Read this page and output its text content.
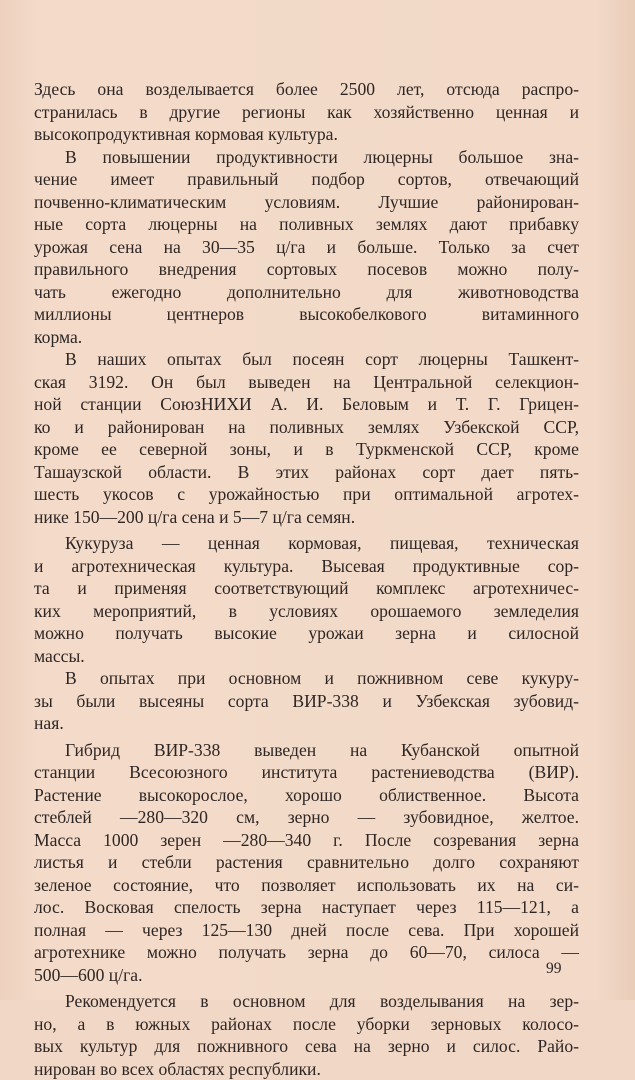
Здесь она возделывается более 2500 лет, отсюда распро-
странилась в другие регионы как хозяйственно ценная и
высокопродуктивная кормовая культура.
В повышении продуктивности люцерны большое зна-
чение имеет правильный подбор сортов, отвечающий
почвенно-климатическим условиям. Лучшие районирован-
ные сорта люцерны на поливных землях дают прибавку
урожая сена на 30—35 ц/га и больше. Только за счет
правильного внедрения сортовых посевов можно полу-
чать ежегодно дополнительно для животноводства
миллионы центнеров высокобелкового витаминного
корма.
В наших опытах был посеян сорт люцерны Ташкент-
ская 3192. Он был выведен на Центральной селекцион-
ной станции СоюзНИХИ А. И. Беловым и Т. Г. Грицен-
ко и районирован на поливных землях Узбекской ССР,
кроме ее северной зоны, и в Туркменской ССР, кроме
Ташаузской области. В этих районах сорт дает пять-
шесть укосов с урожайностью при оптимальной агротех-
нике 150—200 ц/га сена и 5—7 ц/га семян.
Кукуруза — ценная кормовая, пищевая, техническая
и агротехническая культура. Высевая продуктивные сор-
та и применяя соответствующий комплекс агротехничес-
ких мероприятий, в условиях орошаемого земледелия
можно получать высокие урожаи зерна и силосной
массы.
В опытах при основном и пожнивном севе кукуру-
зы были высеяны сорта ВИР-338 и Узбекская зубовид-
ная.
Гибрид ВИР-338 выведен на Кубанской опытной
станции Всесоюзного института растениеводства (ВИР).
Растение высокорослое, хорошо облиственное. Высота
стеблей —280—320 см, зерно — зубовидное, желтое.
Масса 1000 зерен —280—340 г. После созревания зерна
листья и стебли растения сравнительно долго сохраняют
зеленое состояние, что позволяет использовать их на си-
лос. Восковая спелость зерна наступает через 115—121, а
полная — через 125—130 дней после сева. При хорошей
агротехнике можно получать зерна до 60—70, силоса —
500—600 ц/га.
Рекомендуется в основном для возделывания на зер-
но, а в южных районах после уборки зерновых колосо-
вых культур для пожнивного сева на зерно и силос. Райо-
нирован во всех областях республики.
99
